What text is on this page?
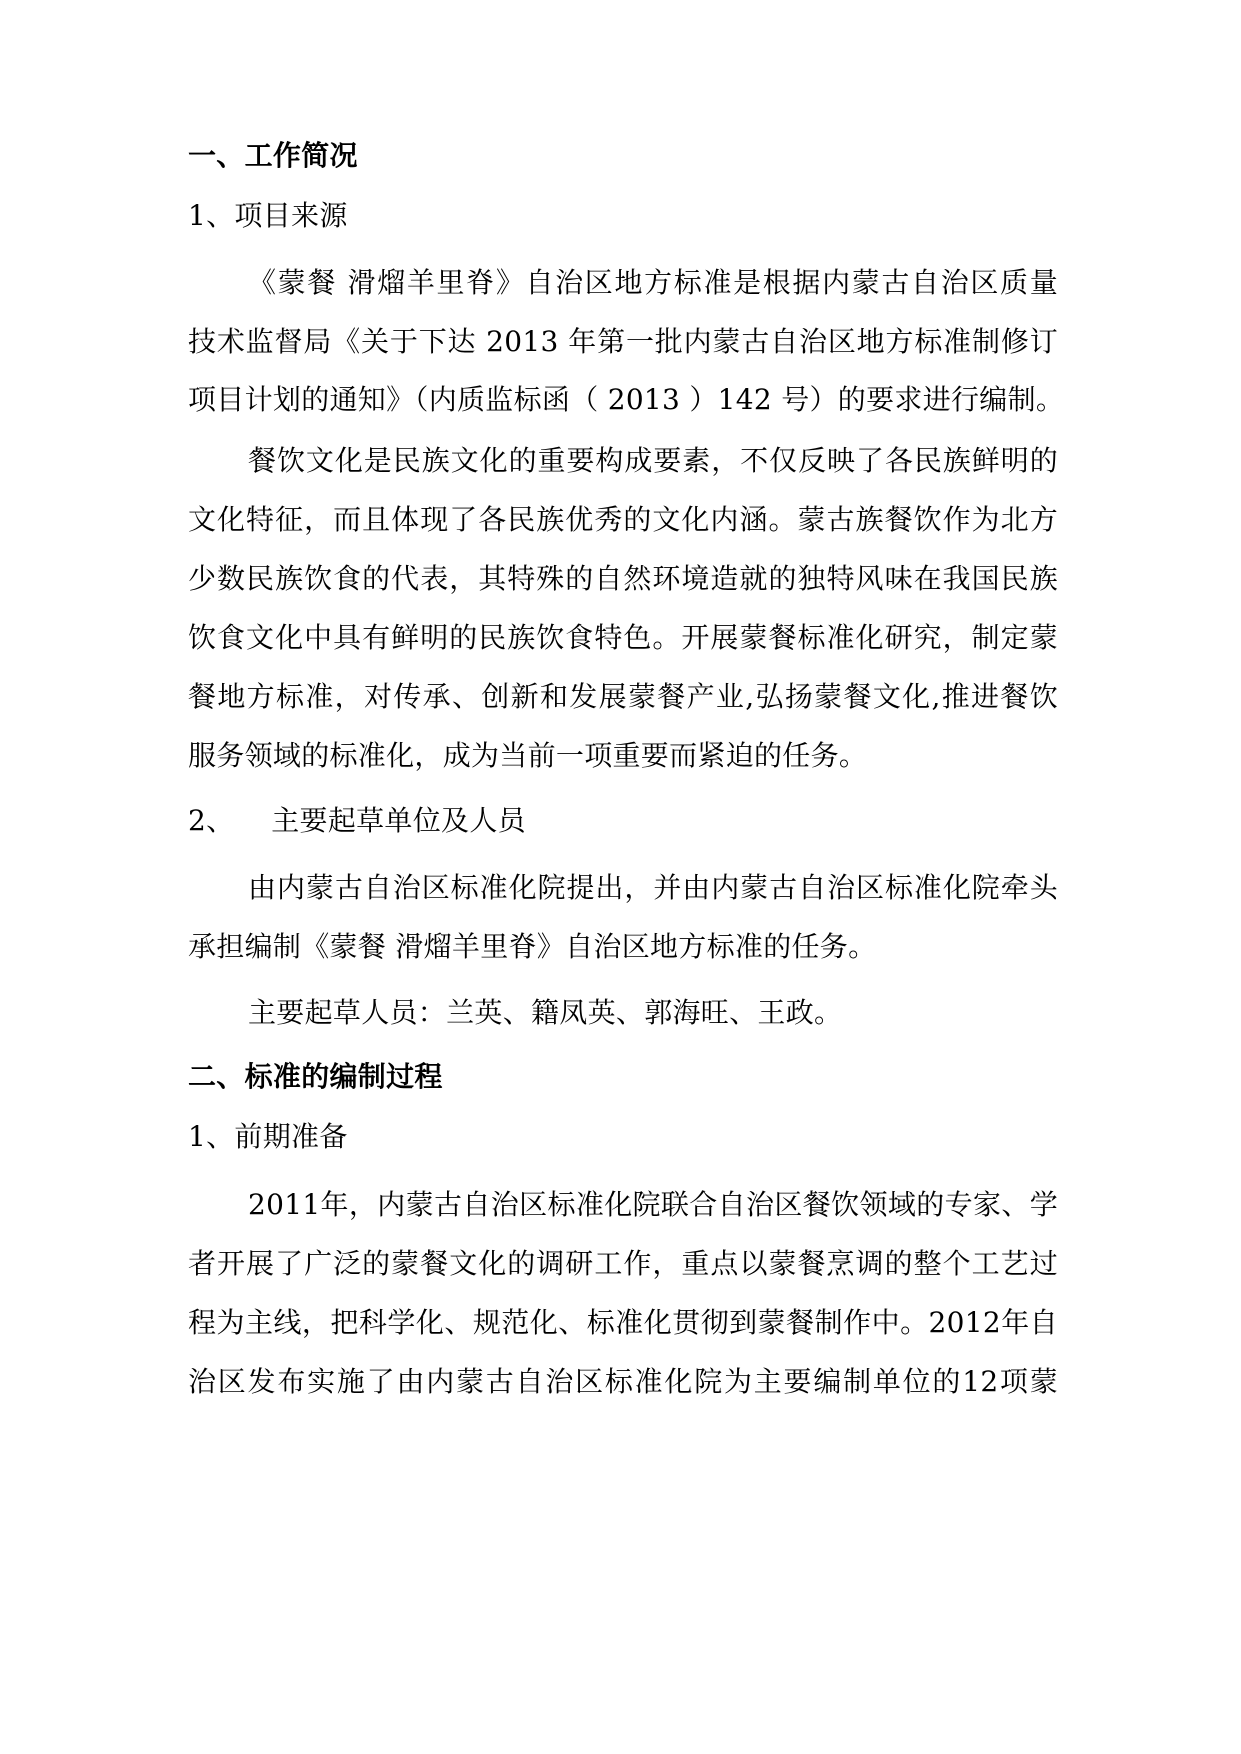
一、工作简况
1、项目来源
《蒙餐 滑熘羊里脊》自治区地方标准是根据内蒙古自治区质量
技术监督局《关于下达 2013 年第一批内蒙古自治区地方标准制修订
项目计划的通知》（内质监标函（ 2013 ）142 号）的要求进行编制。
餐饮文化是民族文化的重要构成要素，不仅反映了各民族鲜明的
文化特征，而且体现了各民族优秀的文化内涵。蒙古族餐饮作为北方
少数民族饮食的代表，其特殊的自然环境造就的独特风味在我国民族
饮食文化中具有鲜明的民族饮食特色。开展蒙餐标准化研究，制定蒙
餐地方标准，对传承、创新和发展蒙餐产业,弘扬蒙餐文化,推进餐饮
服务领域的标准化，成为当前一项重要而紧迫的任务。
2、    主要起草单位及人员
由内蒙古自治区标准化院提出，并由内蒙古自治区标准化院牵头
承担编制《蒙餐 滑熘羊里脊》自治区地方标准的任务。
主要起草人员：兰英、籍凤英、郭海旺、王政。
二、标准的编制过程
1、前期准备
2011年，内蒙古自治区标准化院联合自治区餐饮领域的专家、学
者开展了广泛的蒙餐文化的调研工作，重点以蒙餐烹调的整个工艺过
程为主线，把科学化、规范化、标准化贯彻到蒙餐制作中。2012年自
治区发布实施了由内蒙古自治区标准化院为主要编制单位的12项蒙
